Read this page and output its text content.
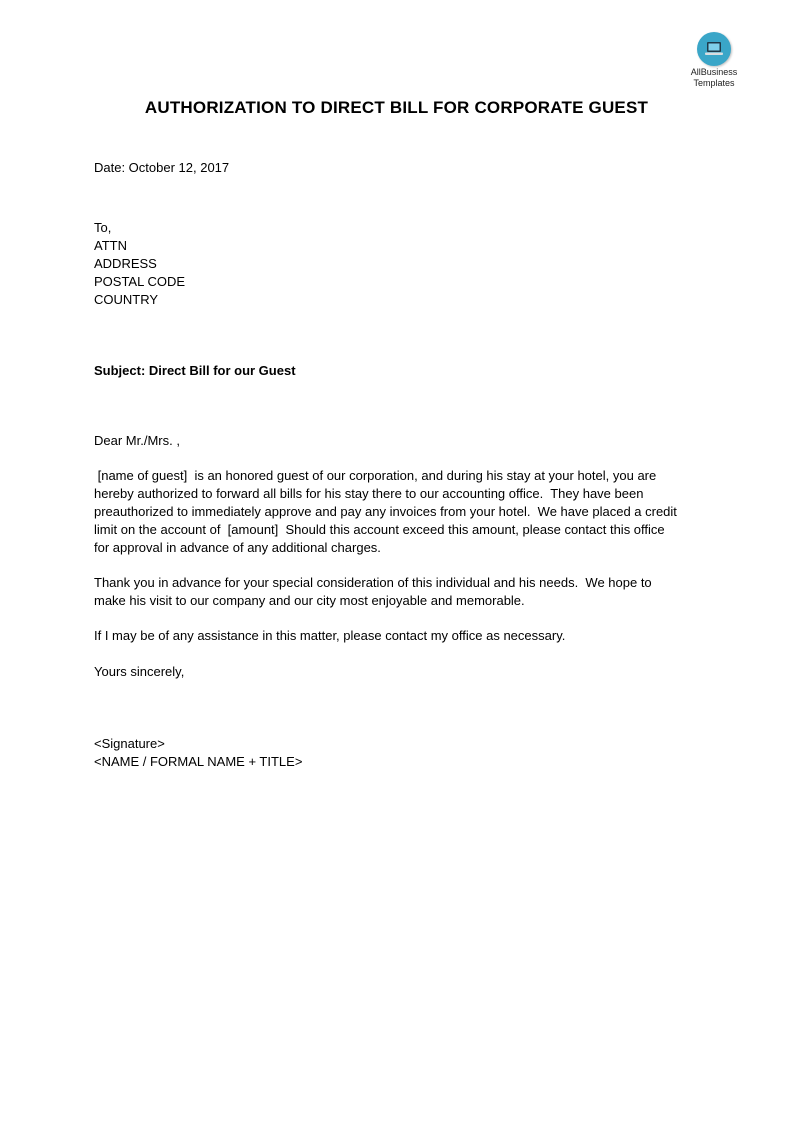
AllBusiness
Templates
AUTHORIZATION TO DIRECT BILL FOR CORPORATE GUEST
Date: October 12, 2017
To,
ATTN
ADDRESS
POSTAL CODE
COUNTRY
Subject: Direct Bill for our Guest
Dear Mr./Mrs. ,
[name of guest]  is an honored guest of our corporation, and during his stay at your hotel, you are
hereby authorized to forward all bills for his stay there to our accounting office.  They have been
preauthorized to immediately approve and pay any invoices from your hotel.  We have placed a credit
limit on the account of  [amount]  Should this account exceed this amount, please contact this office
for approval in advance of any additional charges.
Thank you in advance for your special consideration of this individual and his needs.  We hope to
make his visit to our company and our city most enjoyable and memorable.
If I may be of any assistance in this matter, please contact my office as necessary.
Yours sincerely,
<Signature>
<NAME / FORMAL NAME + TITLE>
